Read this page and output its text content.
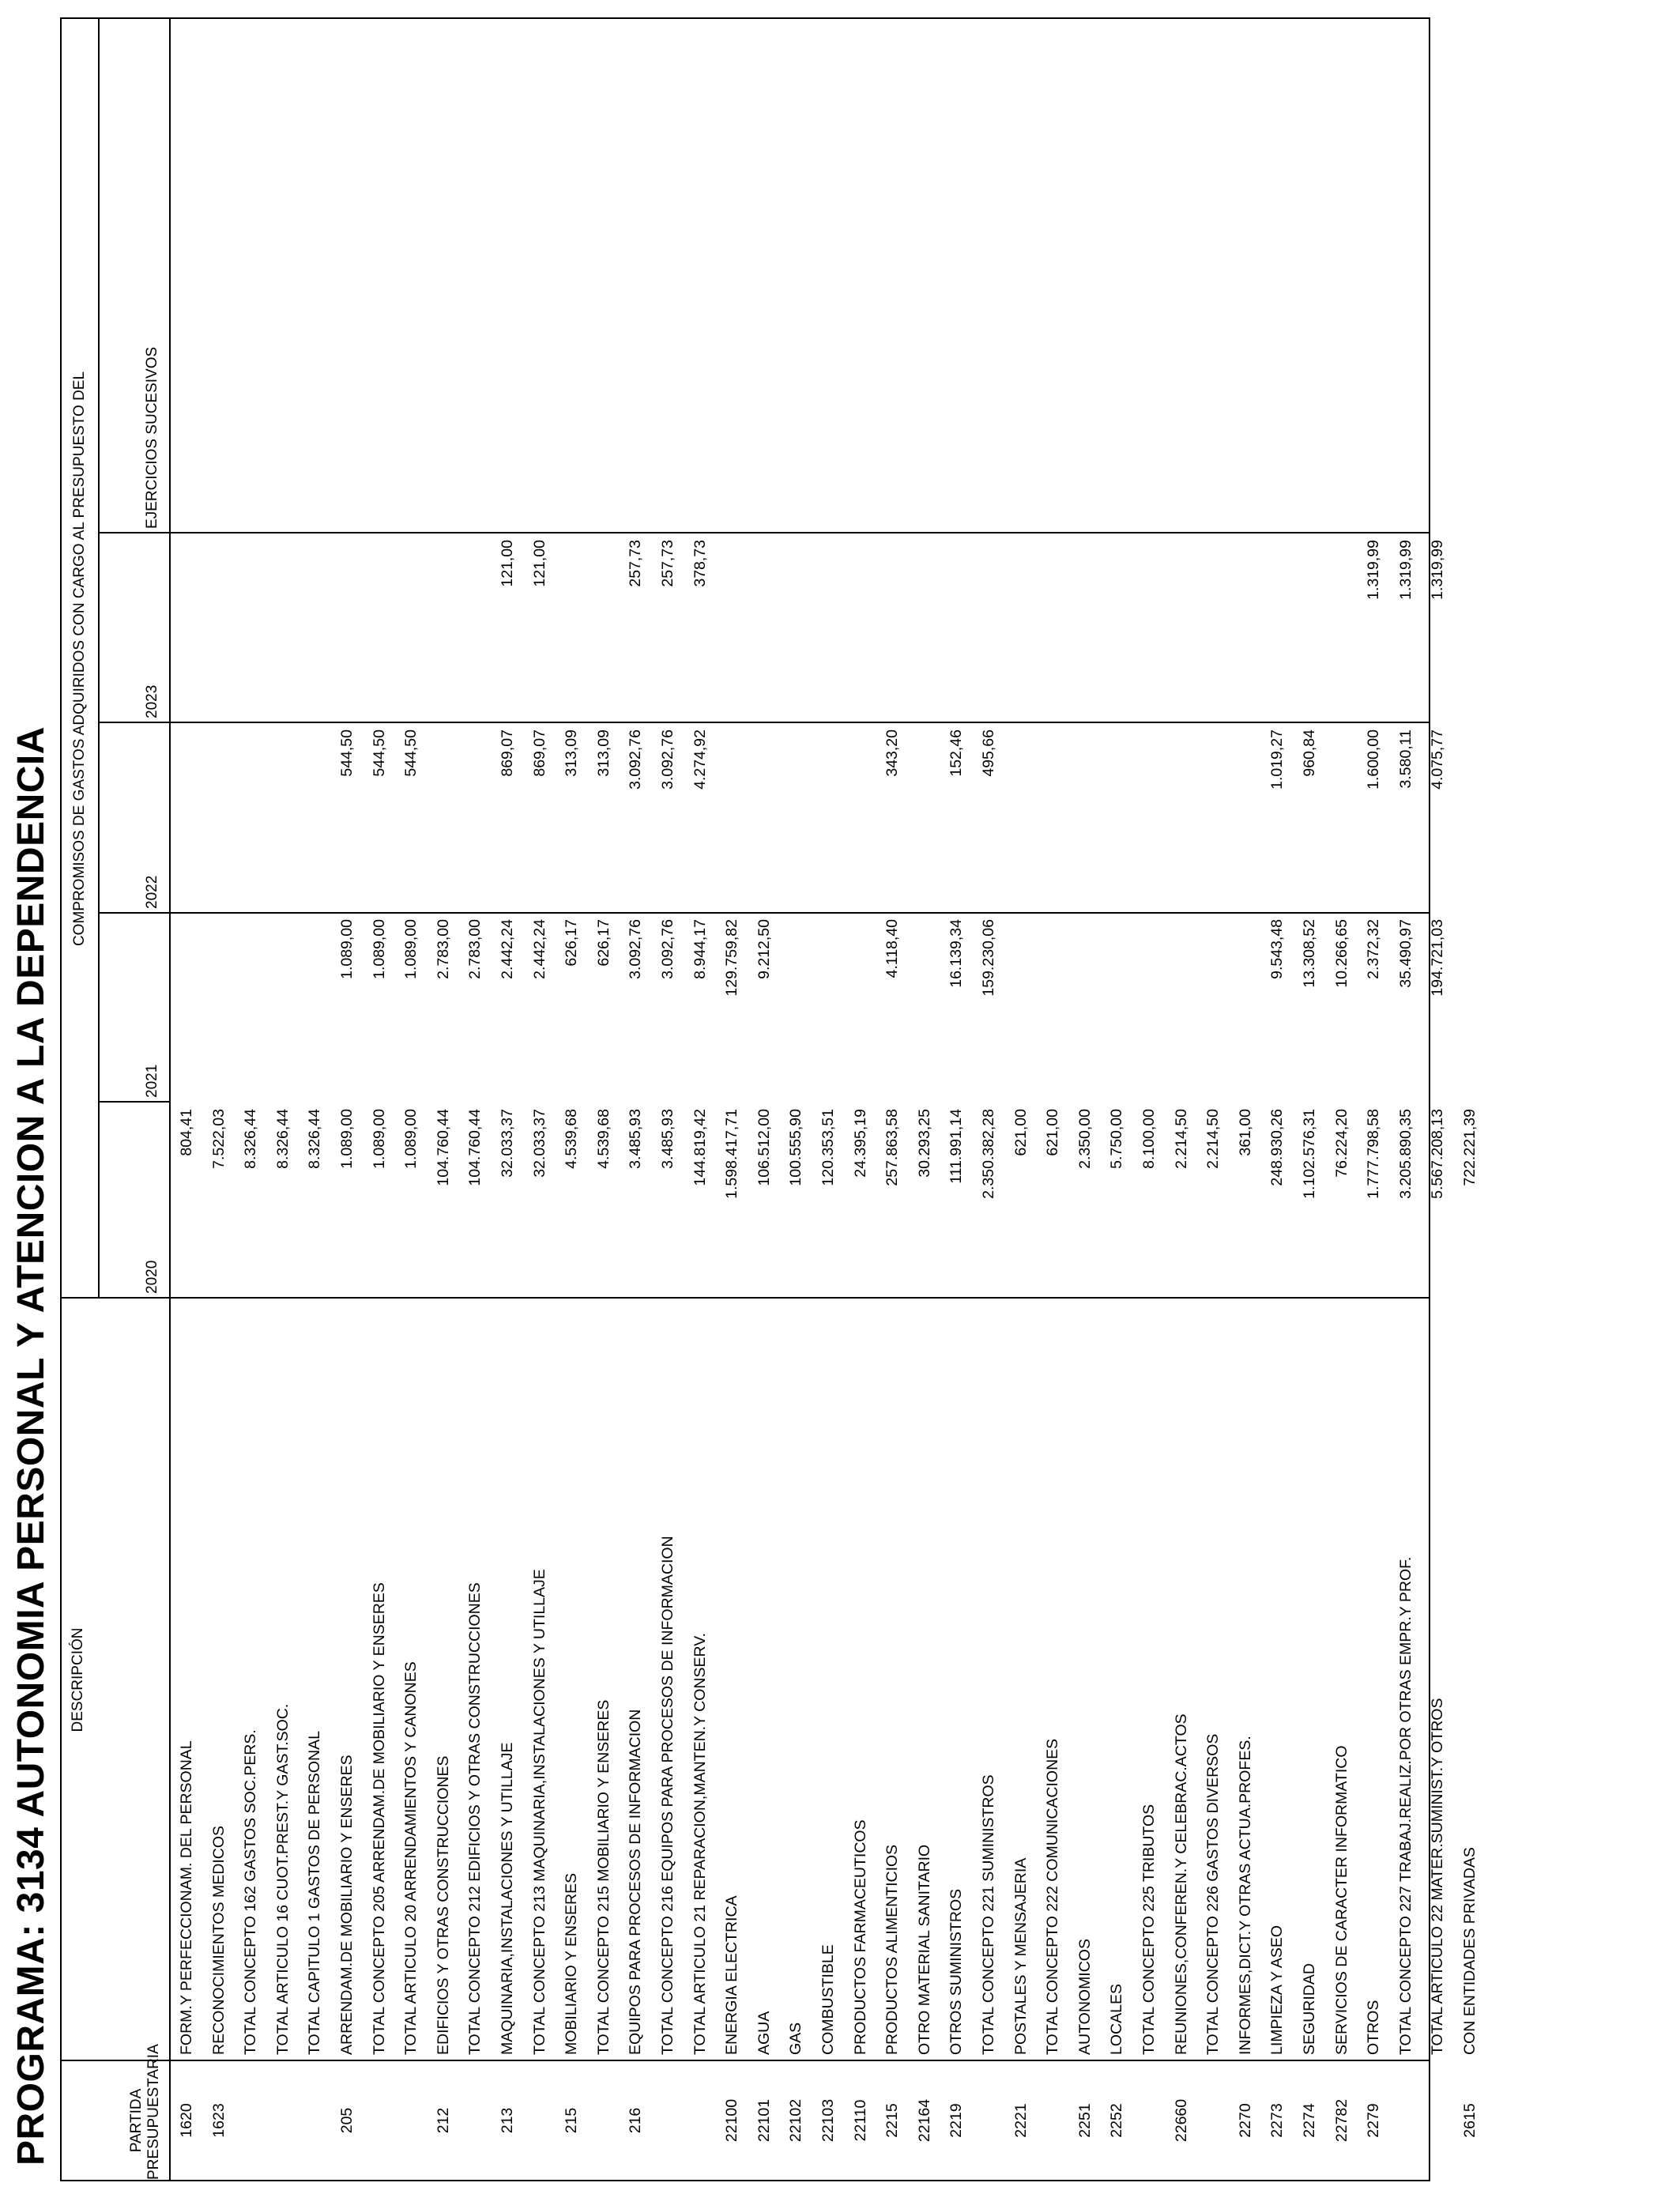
PROGRAMA: 3134 AUTONOMIA PERSONAL Y ATENCION A LA DEPENDENCIA	PARTIDA PRESUPUESTARIA
DESCRIPCIÓN
COMPROMISOS DE GASTOS ADQUIRIDOS CON CARGO AL PRESUPUESTO DEL
2020
2021
2022
2023
EJERCICIOS SUCESIVOS
1620
FORM.Y PERFECCIONAM. DEL PERSONAL
804,41
1623
RECONOCIMIENTOS MEDICOS
7.522,03
TOTAL CONCEPTO 162 GASTOS SOC.PERS.
8.326,44
TOTAL ARTICULO 16 CUOT.PREST.Y GAST.SOC.
8.326,44
TOTAL CAPITULO 1 GASTOS DE PERSONAL
8.326,44
205
ARRENDAM.DE MOBILIARIO Y ENSERES
1.089,00
1.089,00
544,50
TOTAL CONCEPTO 205 ARRENDAM.DE MOBILIARIO Y ENSERES
1.089,00
1.089,00
544,50
TOTAL ARTICULO 20 ARRENDAMIENTOS Y CANONES
1.089,00
1.089,00
544,50
212
EDIFICIOS Y OTRAS CONSTRUCCIONES
104.760,44
2.783,00
TOTAL CONCEPTO 212 EDIFICIOS Y OTRAS CONSTRUCCIONES
104.760,44
2.783,00
213
MAQUINARIA,INSTALACIONES Y UTILLAJE
32.033,37
2.442,24
869,07
121,00
TOTAL CONCEPTO 213 MAQUINARIA,INSTALACIONES Y UTILLAJE
32.033,37
2.442,24
869,07
121,00
215
MOBILIARIO Y ENSERES
4.539,68
626,17
313,09
TOTAL CONCEPTO 215 MOBILIARIO Y ENSERES
4.539,68
626,17
313,09
216
EQUIPOS PARA PROCESOS DE INFORMACION
3.485,93
3.092,76
3.092,76
257,73
TOTAL CONCEPTO 216 EQUIPOS PARA PROCESOS DE INFORMACION
3.485,93
3.092,76
3.092,76
257,73
TOTAL ARTICULO 21 REPARACION,MANTEN.Y CONSERV.
144.819,42
8.944,17
4.274,92
378,73
22100
ENERGIA ELECTRICA
1.598.417,71
129.759,82
22101
AGUA
106.512,00
9.212,50
22102
GAS
100.555,90
22103
COMBUSTIBLE
120.353,51
22110
PRODUCTOS FARMACEUTICOS
24.395,19
2215
PRODUCTOS ALIMENTICIOS
257.863,58
4.118,40
343,20
22164
OTRO MATERIAL SANITARIO
30.293,25
2219
OTROS SUMINISTROS
111.991,14
16.139,34
152,46
TOTAL CONCEPTO 221 SUMINISTROS
2.350.382,28
159.230,06
495,66
2221
POSTALES Y MENSAJERIA
621,00
TOTAL CONCEPTO 222 COMUNICACIONES
621,00
2251
AUTONOMICOS
2.350,00
2252
LOCALES
5.750,00
TOTAL CONCEPTO 225 TRIBUTOS
8.100,00
22660
REUNIONES,CONFEREN.Y CELEBRAC.ACTOS
2.214,50
TOTAL CONCEPTO 226 GASTOS DIVERSOS
2.214,50
2270
INFORMES,DICT.Y OTRAS ACTUA.PROFES.
361,00
2273
LIMPIEZA Y ASEO
248.930,26
9.543,48
1.019,27
2274
SEGURIDAD
1.102.576,31
13.308,52
960,84
22782
SERVICIOS DE CARACTER INFORMATICO
76.224,20
10.266,65
2279
OTROS
1.777.798,58
2.372,32
1.600,00
1.319,99
TOTAL CONCEPTO 227 TRABAJ.REALIZ.POR OTRAS EMPR.Y PROF.
3.205.890,35
35.490,97
3.580,11
1.319,99
TOTAL ARTICULO 22 MATER.SUMINIST.Y OTROS
5.567.208,13
194.721,03
4.075,77
1.319,99
2615
CON ENTIDADES PRIVADAS
722.221,39
